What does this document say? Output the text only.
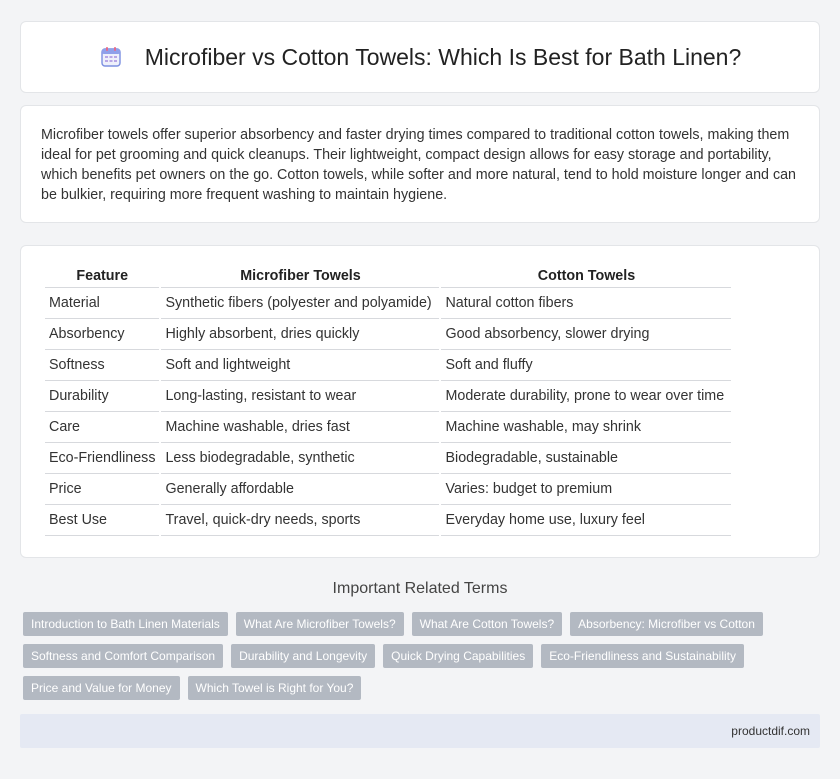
Microfiber vs Cotton Towels: Which Is Best for Bath Linen?

Microfiber towels offer superior absorbency and faster drying times compared to traditional cotton towels, making them ideal for pet grooming and quick cleanups. Their lightweight, compact design allows for easy storage and portability, which benefits pet owners on the go. Cotton towels, while softer and more natural, tend to hold moisture longer and can be bulkier, requiring more frequent washing to maintain hygiene.

Feature	Microfiber Towels	Cotton Towels
Material	Synthetic fibers (polyester and polyamide)	Natural cotton fibers
Absorbency	Highly absorbent, dries quickly	Good absorbency, slower drying
Softness	Soft and lightweight	Soft and fluffy
Durability	Long-lasting, resistant to wear	Moderate durability, prone to wear over time
Care	Machine washable, dries fast	Machine washable, may shrink
Eco-Friendliness	Less biodegradable, synthetic	Biodegradable, sustainable
Price	Generally affordable	Varies: budget to premium
Best Use	Travel, quick-dry needs, sports	Everyday home use, luxury feel
Important Related Terms
Introduction to Bath Linen Materials	What Are Microfiber Towels?	What Are Cotton Towels?	Absorbency: Microfiber vs Cotton
Softness and Comfort Comparison	Durability and Longevity	Quick Drying Capabilities	Eco-Friendliness and Sustainability
Price and Value for Money	Which Towel is Right for You?
productdif.com
